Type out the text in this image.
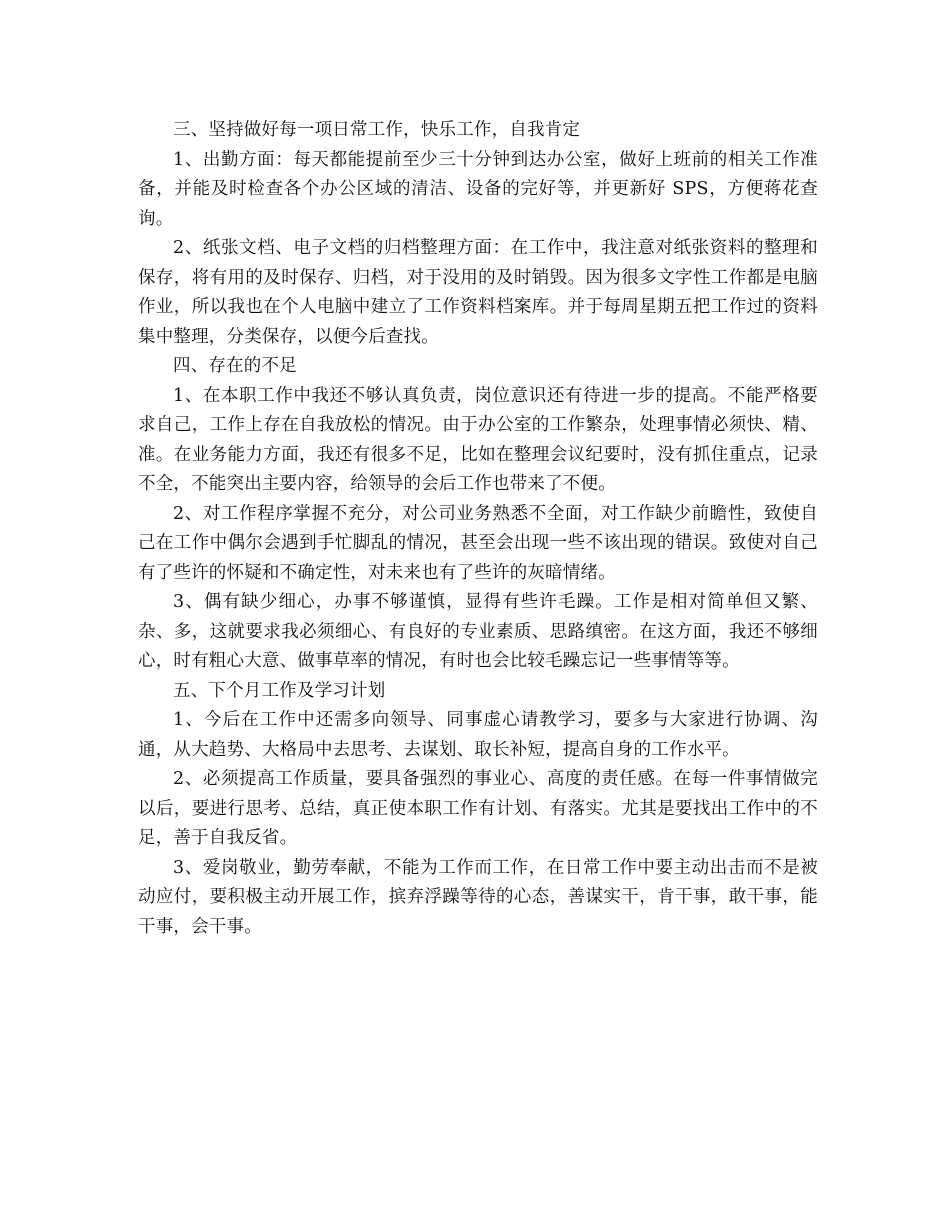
三、坚持做好每一项日常工作，快乐工作，自我肯定

1、出勤方面：每天都能提前至少三十分钟到达办公室，做好上班前的相关工作准备，并能及时检查各个办公区域的清洁、设备的完好等，并更新好 SPS，方便蒋花查询。

2、纸张文档、电子文档的归档整理方面：在工作中，我注意对纸张资料的整理和保存，将有用的及时保存、归档，对于没用的及时销毁。因为很多文字性工作都是电脑作业，所以我也在个人电脑中建立了工作资料档案库。并于每周星期五把工作过的资料集中整理，分类保存，以便今后查找。

四、存在的不足

1、在本职工作中我还不够认真负责，岗位意识还有待进一步的提高。不能严格要求自己，工作上存在自我放松的情况。由于办公室的工作繁杂，处理事情必须快、精、准。在业务能力方面，我还有很多不足，比如在整理会议纪要时，没有抓住重点，记录不全，不能突出主要内容，给领导的会后工作也带来了不便。

2、对工作程序掌握不充分，对公司业务熟悉不全面，对工作缺少前瞻性，致使自己在工作中偶尔会遇到手忙脚乱的情况，甚至会出现一些不该出现的错误。致使对自己有了些许的怀疑和不确定性，对未来也有了些许的灰暗情绪。

3、偶有缺少细心，办事不够谨慎，显得有些许毛躁。工作是相对简单但又繁、杂、多，这就要求我必须细心、有良好的专业素质、思路缜密。在这方面，我还不够细心，时有粗心大意、做事草率的情况，有时也会比较毛躁忘记一些事情等等。

五、下个月工作及学习计划

1、今后在工作中还需多向领导、同事虚心请教学习，要多与大家进行协调、沟通，从大趋势、大格局中去思考、去谋划、取长补短，提高自身的工作水平。

2、必须提高工作质量，要具备强烈的事业心、高度的责任感。在每一件事情做完以后，要进行思考、总结，真正使本职工作有计划、有落实。尤其是要找出工作中的不足，善于自我反省。

3、爱岗敬业，勤劳奉献，不能为工作而工作，在日常工作中要主动出击而不是被动应付，要积极主动开展工作，摈弃浮躁等待的心态，善谋实干，肯干事，敢干事，能干事，会干事。
